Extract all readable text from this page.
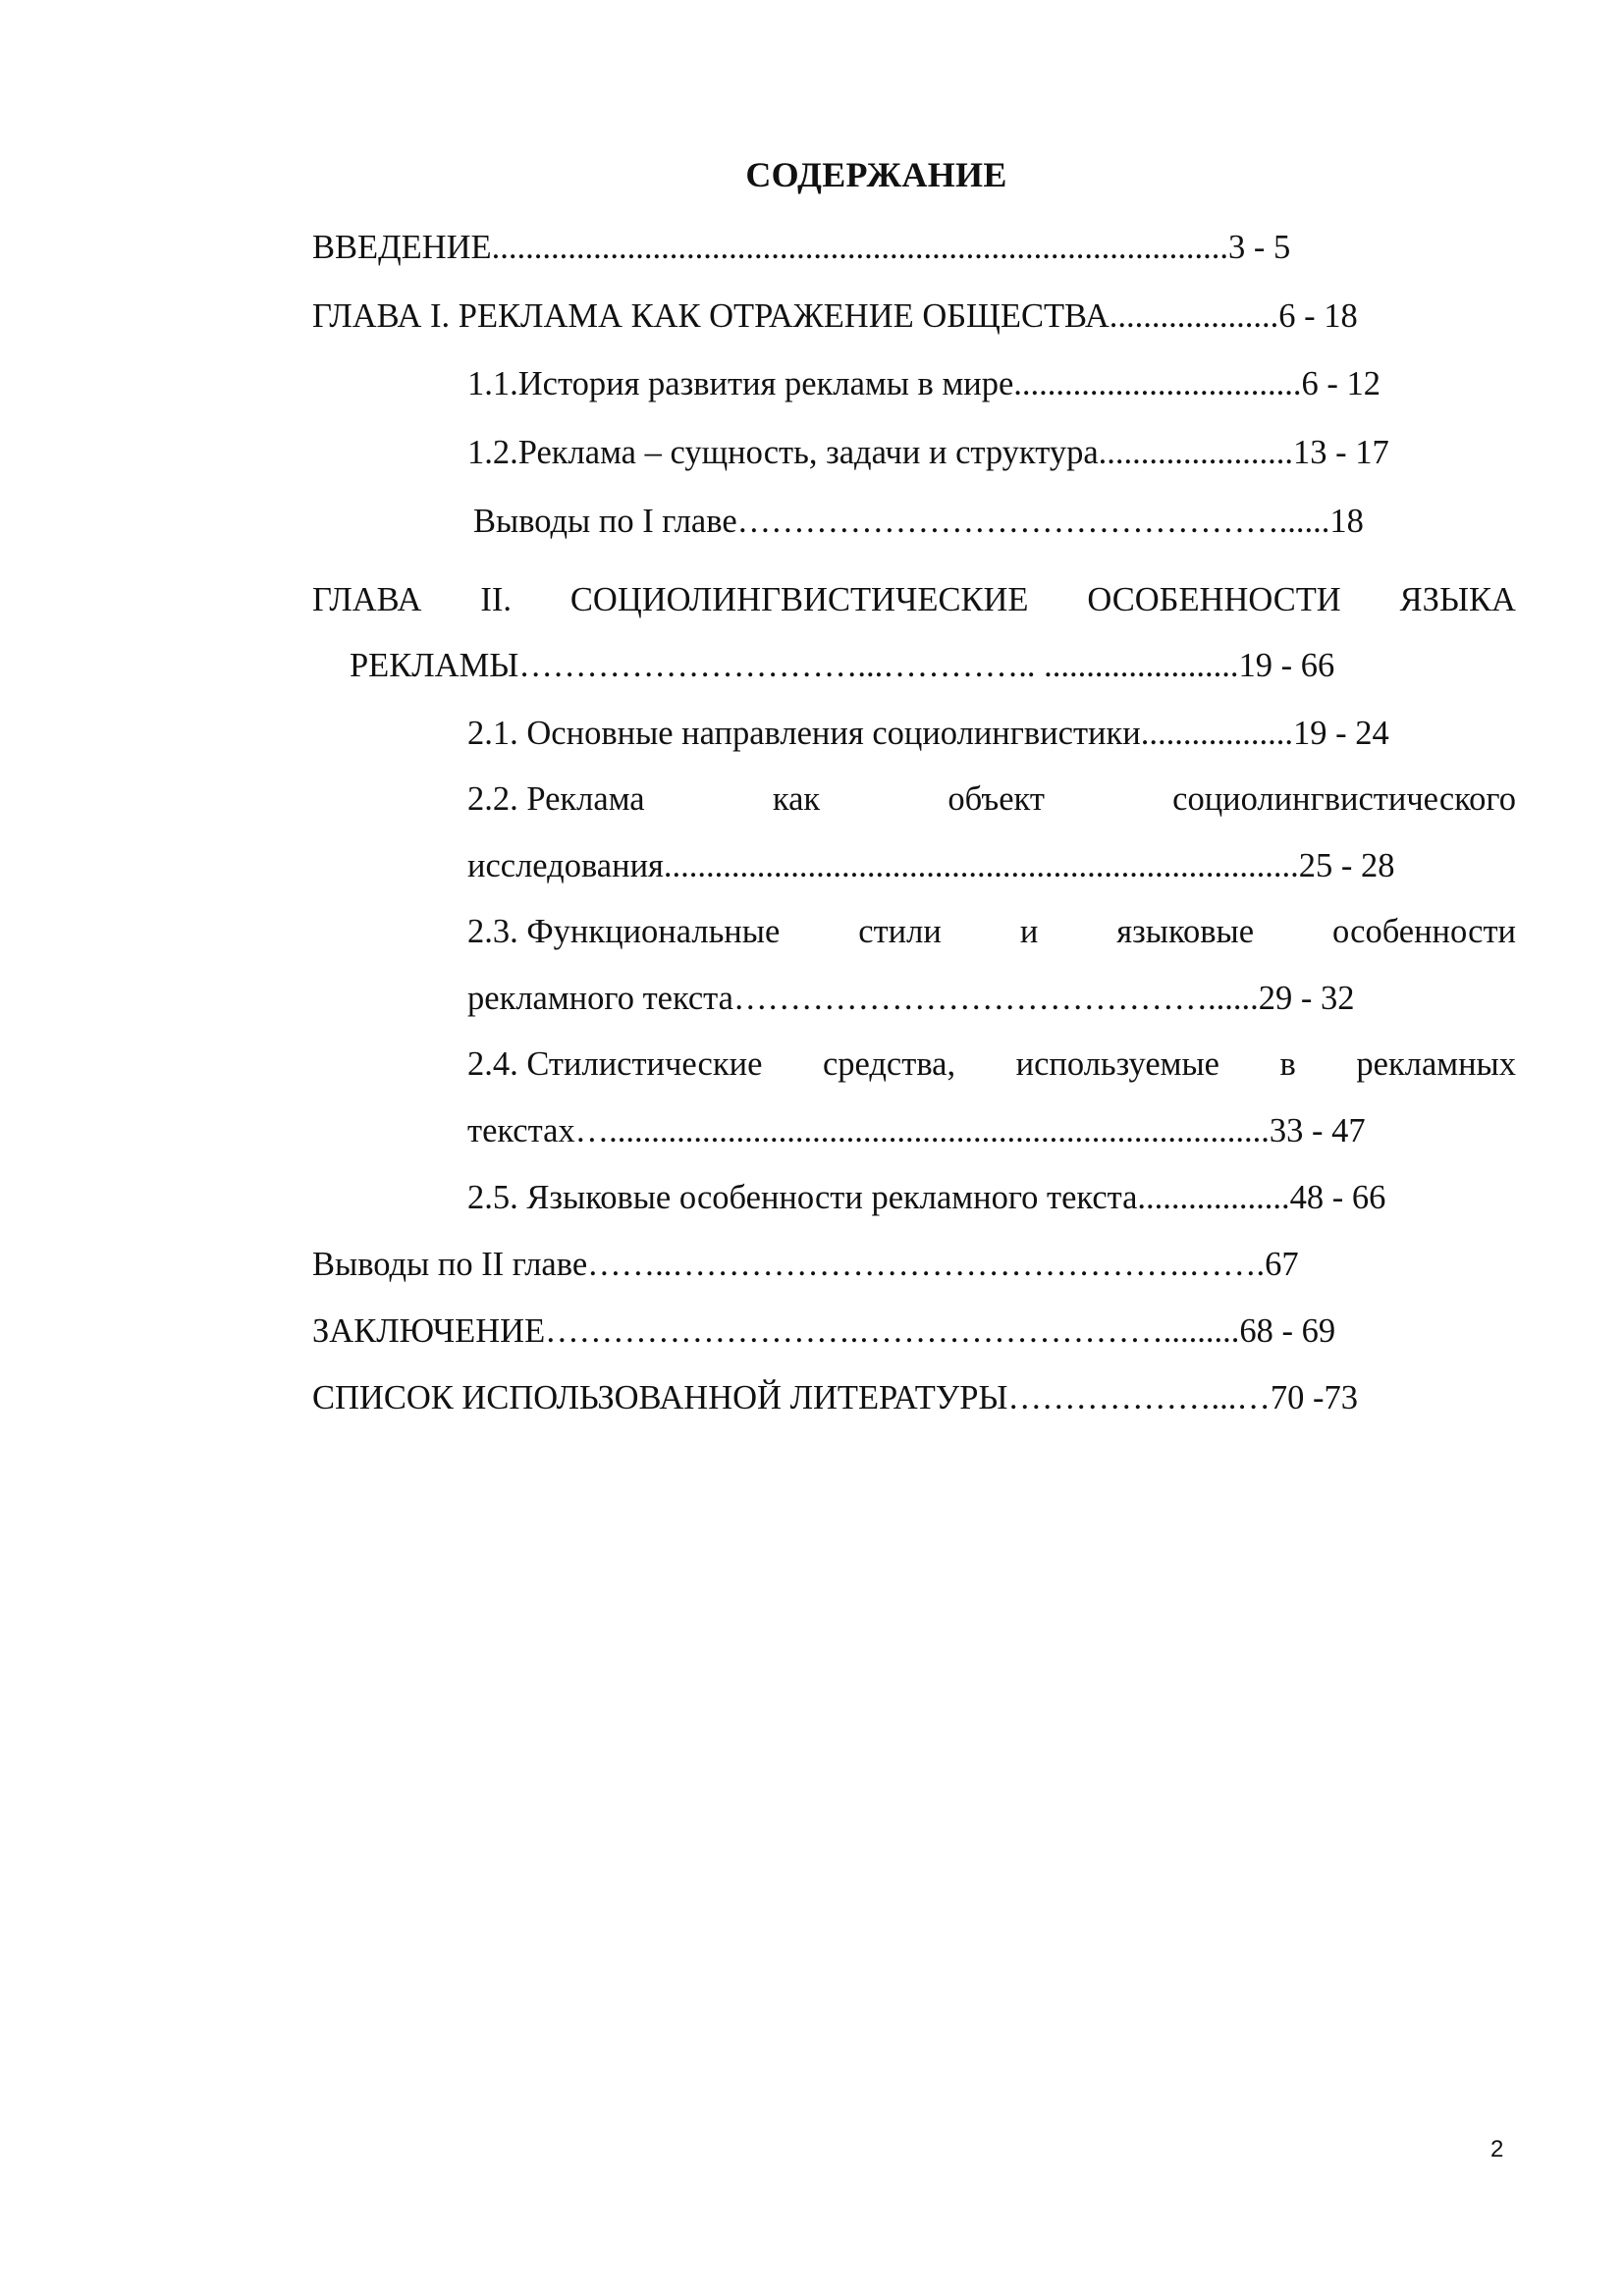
СОДЕРЖАНИЕ
ВВЕДЕНИЕ.......................................................................................3 - 5
ГЛАВА I. РЕКЛАМА КАК ОТРАЖЕНИЕ ОБЩЕСТВА....................6 - 18
1.1.История развития рекламы в мире..................................6 - 12
1.2.Реклама – сущность, задачи и структура.......................13 - 17
Выводы по I главе…………………………………………......18
ГЛАВА II. СОЦИОЛИНГВИСТИЧЕСКИЕ ОСОБЕННОСТИ ЯЗЫКА
РЕКЛАМЫ…………………………...………….. .......................19 - 66
2.1. Основные направления социолингвистики..................19 - 24
2.2. Реклама	как	объект	социолингвистического
исследования...........................................................................25 - 28
2.3. Функциональные стили и языковые особенности
рекламного текста……………………………………......29 - 32
2.4. Стилистические средства, используемые в рекламных
текстах…..............................................................................33 - 47
2.5. Языковые особенности рекламного текста..................48 - 66
Выводы по II главе……..……………………………………….…….67
ЗАКЛЮЧЕНИЕ……………………….……………………….........68 - 69
СПИСОК ИСПОЛЬЗОВАННОЙ ЛИТЕРАТУРЫ………………...…70 -73
2
